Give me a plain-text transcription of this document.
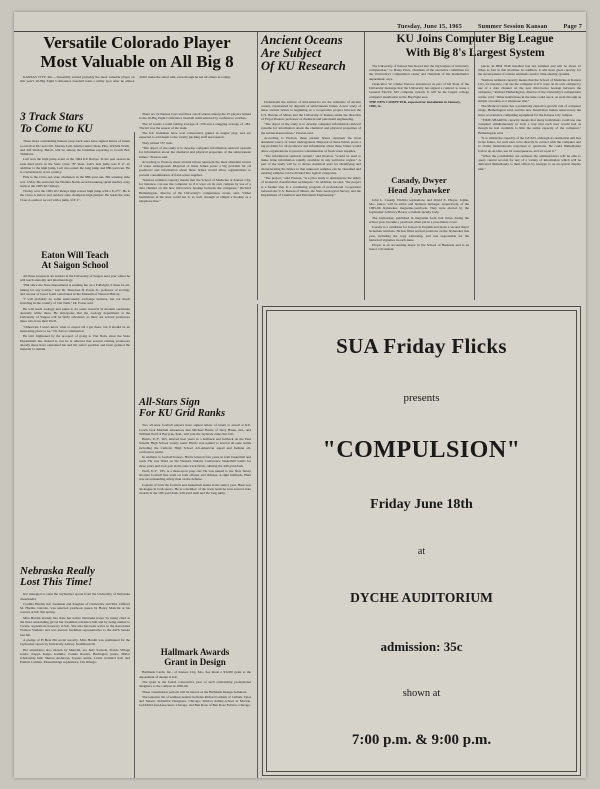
Tuesday, June 15, 1965	Summer Session Kansan	Page 7
Versatile Colorado Player
Most Valuable on All Big 8

KANSAS CITY, Mo.—Versatility earned probably the most valuable player on this year's all-Big Eight Conference baseball team a utility spot after he almost didn't make the select unit, even though he led all others in voting.

Ancient Oceans
Are Subject
Of KU Research
KU Joins Computer Big League
With Big 8's Largest System

Underneath the surface of mid-America are the remnants of ancient oceans, represented by deposits of subterranean brines. A new study of these ancient brines is beginning as a cooperative project between the U.S. Bureau of Mines and the University of Kansas under the direction of Floyd Preston, professor of chemical and petroleum engineering.

"The object of the study is to develop computer information retrieval systems for information about the chemical and physical properties of the subterranean brines," Preston said.

According to Preston, these ancient brines represent the most abundant source of water underground. Disposal of these brines poses a big problem for oil producers and information about these brines would allow organizations to prevent contamination of fresh water supplies.

"The information retrieval system," said Preston, "would be used to make brine information rapidly available in any particular region." A part of the study will be to devise statistical tests for identifying and characterizing the brines so that unknown samples can be classified and existing samples can be divided into logical categories.

"The project," said Preston, "is a pilot study to demonstrate the utility of statistical classification techniques." In addition, he said, "the project is a further step in a continuing program of professional cooperation between the U.S. Bureau of Mines, the State Geological Survey, and the Department of Chemical and Petroleum Engineering."

The University of Kansas has moved into the big leagues of university computation," G. Baley Price, chairman of the executive committee for the University's computation center and chairman of the mathematics department, says.

Chancellor W. Clarke Wescoe announced as part of his State of the University message that the University has signed a contract to lease a General Electric 625 computer system. It will be the largest college computer installation in the Big Eight area.

THE NEW COMPUTER, expected for installation in January, 1966, re-

places an IBM 7040 installed late last summer and will be about 12 times as fast as that machine. In addition, it will have great capacity for the development of remote terminals and for time-sharing systems.

"Remote terminal capacity means that the School of Medicine at Kansas City, for instance, can use the computer as if it were on its own campus by use of a data channel on the new microwave hookup between the campuses," Richard Hetherington, director of the University's computation center, said. "Other institutions in the state could use it, as well, through as simple a hookup as a telephone line."

The Medical Center has a potentially explosive growth rate of computer usage, Hetherington said, and the new installation makes unnecessary the lease of extensive computing equipment for the Kansas City campus.

"TIME-SHARING capacity means that many individuals could use one computer simultaneously in such a way that each user would feel as though he had available to him the entire capacity of the computer," Hetherington said.

"It is within the capacity of the GE 625, although its realization still lies in the future, for each user to be directly in contact with the computer and to obtain instantaneous responses to questions. He could immediately follow up an idea, see its consequences, and act upon it."

"When the possibilities are realized, the administrators will be able to query central records for any of a variety of information which will be delivered immediately to their offices by teletype or on an optical display unit."

Casady, Dwyer
Head Jayhawker

John L. Casady, Wichita sophomore, and David E. Dwyer, Joplin, Mo., junior, will be editor and business manager, respectively, of the 1965-66 Jayhawker, magazine-yearbook. They were elected by the Jayhawker Advisory Board, a student-faculty body.

The Jayhawker, published in magazine form four times during the school year, became a yearbook when put in a post-hiatus cover.

Casady is a candidate for honors in English and plans a second major in human relations. He has filled several positions on the Jayhawker this year, including the copy editorship, and was responsible for the historical vignettes in each issue.

Dwyer is an accounting major in the School of Business and is an honor roll student.

3 Track Stars
To Come to KU

Three more outstanding Kansas prep track stars have signed letters of intent to enroll at KU next fall. Murray Lull, Smith Center; Dave Pitts, Wichita North, and Jeff Worley, Beloit, will be among the freshmen reporting to Coach Bob Timmons.

Lull won the high jump event at the 1964 KU Relays. In the past season he took third place in the State Class "B" meet. Lull's best jump was 6' 4". In addition to the high jump, Lull also enters the long jump and 880-yard run. He is a letterman in cross country.

Pitts is the Class AA state champion in the 880-yard run. His winning time was 1:56.6. He anchored the Wichita North record-breaking sprint medley relay team at the 1965 KU Relays.

Worley won the 1965 KU Relays high school high jump with a 6'-2½". He is the Class A indoor and outdoor state champion high jumper. He holds the state Class A outdoor record with a jump of 6' 4".

Eaton Will Teach
At Saigon School

All three prospects are seniors at the University of Saigon next year where he will teach anatomy and pharmacology.

"But since the State Department is sending me on a Fulbright, it must be all-inning for any trouble," said Dr. Theodore H. Eaton Jr., professor of zoology and curator of lower fossil vertebrates in the Museum of Natural History.

"I will probably do some intercountry exchange lectures, but not much traveling in the country of Viet Nam," Dr. Eaton said.

He will teach zoology and plans to do some research in modern vertebrate anatomy while there. He anticipates that the zoology department at the University of Saigon will be fairly advanced, as there are several professors there who have their Ph.D.

"Otherwise I won't know what to expect till I get there, but it should be an interesting place to be," Dr. Eaton commented.

He isn't frightened by the prospect of going to Viet Nam, since the State Department has cleared it, but he is relieved that several visiting professors already there have explained his and his wife's position and been granted the material to remain.

Nebraska Really
Lost This Time!

KU managed to steal the Jayhawker spoon from the University of Nebraska cheerleader.

Cynthia Hardin, KU freshman and daughter of Chancellor and Mrs. Clifford M. Hardin, Lincoln, was selected yearbook queen by Henry Mancini at his concert at KU this spring.

Miss Hardin already has done her native Nebraska honor by being cited as the most outstanding girl in her freshman residence hall and by being named to Cwens, sophomore honorary at KU. She also has been active in the Associated Women Students and was elected freshman representative to the AWS Senate last fall.

A pledge of Pi Beta Phi social sorority, Miss Hardin was nominated for the Jayhawker spoon by University-Library freshman hall.

Her attendants, also chosen by Mancini, are Judy Sarason, Prairie Village senior, Kappa Kappa Gamma; Connie Roeder, Burlington junior, Miller scholarship hall; Sharon Anderson, Topeka senior, Lewis women's hall, and Pamela Carman, Mounchridge sophomore, Chi Omega.

There are 22 Kansas boys and three out-of-staters among the 25 players named to the all-Big Eight Conference baseball team selected by conference coaches.

The 12 boasts a team batting average of .356 and a slugging average of .481. The hit was the season of the team.

The KU freshmen have won consecutive games in league play, and are expected to add depth to the varsity pitching staff next season.

They picked 137 runs.

"The object of the study is to develop computer information retrieval systems for information about the chemical and physical properties of the subterranean brines," Preston said.

According to Preston, these ancient brines represent the most abundant source of water underground. Disposal of these brines poses a big problem for oil producers and information about these brines would allow organizations to prevent contamination of fresh water supplies.

"Remote terminal capacity means that the School of Medicine at Kansas City, for instance, can use the computer as if it were on its own campus by use of a data channel on the new microwave hookup between the campuses," Richard Hetherington, director of the University's computation center, said. "Other institutions in the state could use it, as well, through as simple a hookup as a telephone line."

All-Stars Sign
For KU Grid Ranks

Two all-state football players have signed letters of intent to enroll at KU. Coach Jack Mitchell announces that Michael Harris of Terry Haute, Ind., and William Wolf of Bucyrus, Kan., will join the Jayhawk ranks this fall.

Harris, 6'-3", 265, lettered four years as a halfback and fullback on the Paul Schulte High School varsity team. Harris was named to several all-state teams including the Catholic High School All-American squad and Indiana all-conference teams.

In addition to football honors, Harris lettered four years in both basketball and track. He was listed on the Western Indiana Conference basketball teams for three years and took part in the state track finals, running the 440-yard dash.

Wolf, 6'-3", 185, is a three-sport prep star. He was named to the New Jersey all-state football first team on both offense and defense. A right halfback, Hunt was an outstanding safety man on the defense.

Captain of both the football and basketball teams in his senior year, Hunt was all-league in both sports. He is a member of the track team he won several state awards in the 100-yard dash, 220-yard dash and the long jump.

Hallmark Awards
Grant in Design

Hallmark Cards, Inc., of Kansas City, Mo., has made a $3,000 grant to the department of design at KU.

The grant is the fourth consecutive year of such outstanding professional designers to the campus in 1965-66.

These consultation periods will be known as the Hallmark Design Seminars.

The tentative list of seminar leaders includes Richard Latham of Latham, Tyler and Jensen, Industrial Designers, Chicago; Marion Ashley-school at Morton, Goldchild and Associates, Chicago, and Ben Rose of Ben Rose Fabrics, Chicago.

SUA Friday Flicks
presents
"COMPULSION"
Friday June 18th
at
DYCHE AUDITORIUM
admission: 35c
shown at
7:00 p.m. & 9:00 p.m.
